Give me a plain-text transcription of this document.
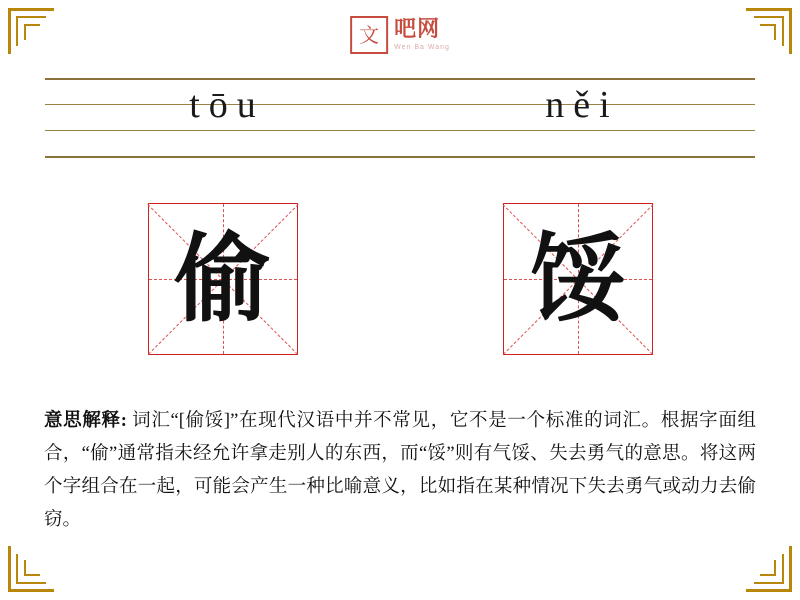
文 吧网
Wen Ba Wang
tōu	něi
偷	馁
意思解释: 词汇“[偷馁]”在现代汉语中并不常见，它不是一个标准的词汇。根据字面组合，“偷”通常指未经允许拿走别人的东西，而“馁”则有气馁、失去勇气的意思。将这两个字组合在一起，可能会产生一种比喻意义，比如指在某种情况下失去勇气或动力去偷窃。
